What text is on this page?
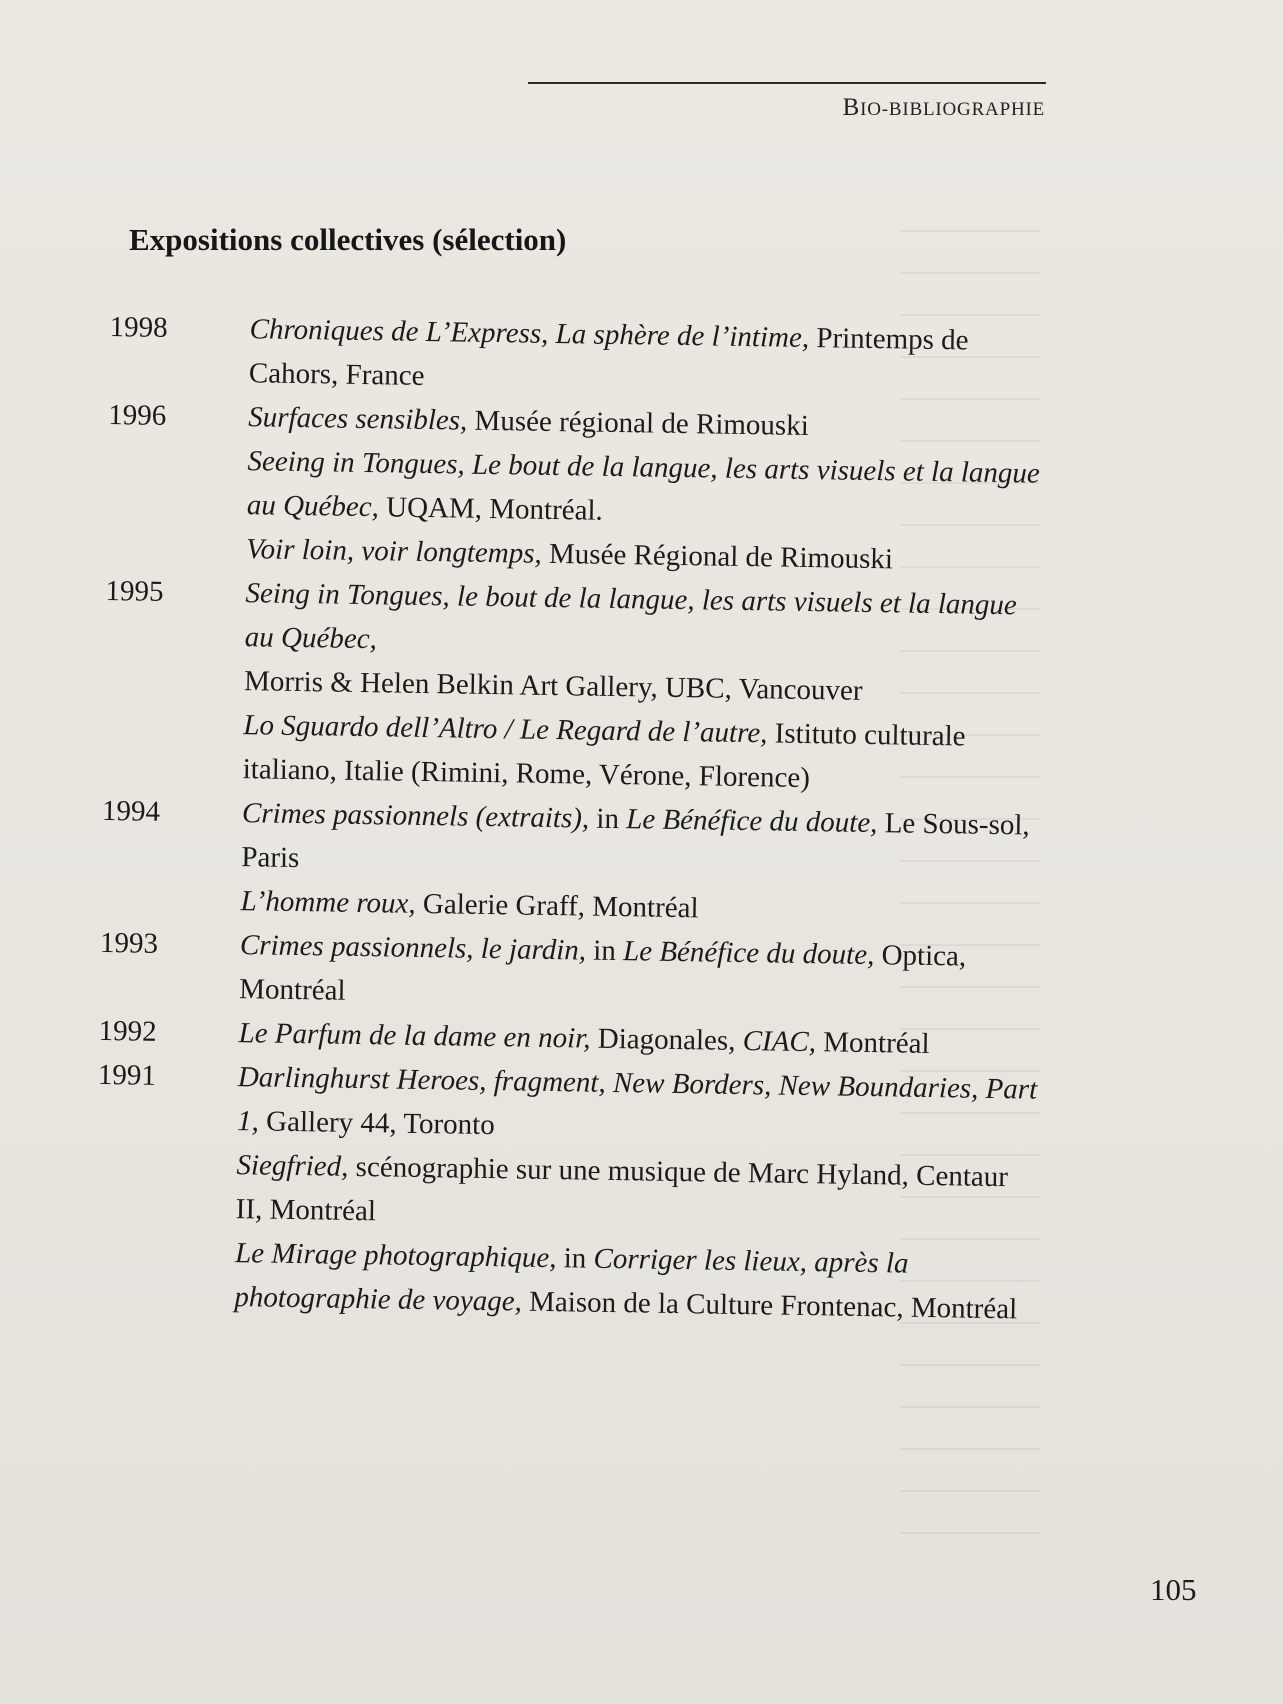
BIO-BIBLIOGRAPHIE
Expositions collectives (sélection)
1998	Chroniques de L’Express, La sphère de l’intime, Printemps de Cahors, France
1996	Surfaces sensibles, Musée régional de Rimouski
Seeing in Tongues, Le bout de la langue, les arts visuels et la langue au Québec, UQAM, Montréal.
Voir loin, voir longtemps, Musée Régional de Rimouski
1995	Seing in Tongues, le bout de la langue, les arts visuels et la langue au Québec,
Morris & Helen Belkin Art Gallery, UBC, Vancouver
Lo Sguardo dell’Altro / Le Regard de l’autre, Istituto culturale italiano, Italie (Rimini, Rome, Vérone, Florence)
1994	Crimes passionnels (extraits), in Le Bénéfice du doute, Le Sous-sol, Paris
L’homme roux, Galerie Graff, Montréal
1993	Crimes passionnels, le jardin, in Le Bénéfice du doute, Optica, Montréal
1992	Le Parfum de la dame en noir, Diagonales, CIAC, Montréal
1991	Darlinghurst Heroes, fragment, New Borders, New Boundaries, Part 1, Gallery 44, Toronto
Siegfried, scénographie sur une musique de Marc Hyland, Centaur II, Montréal
Le Mirage photographique, in Corriger les lieux, après la photographie de voyage, Maison de la Culture Frontenac, Montréal
105
